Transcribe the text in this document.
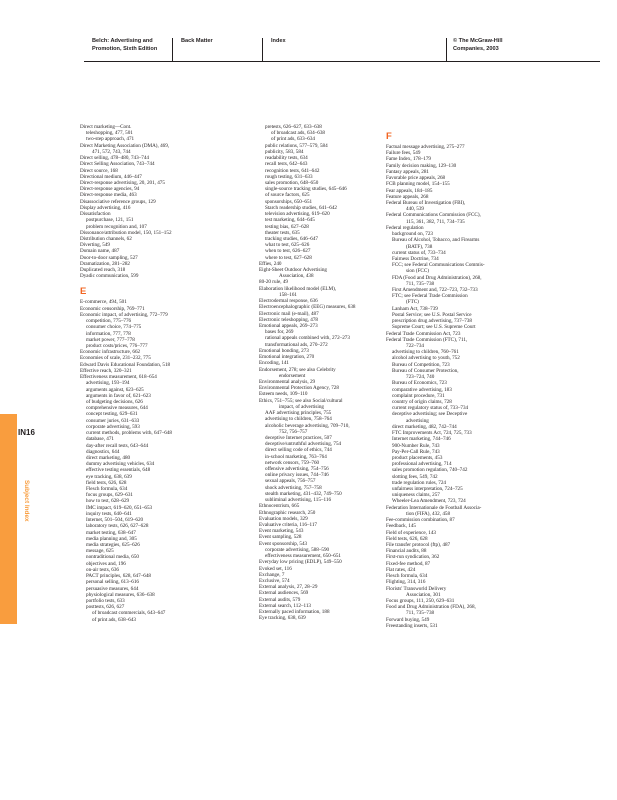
Belch: Advertising and
Promotion, Sixth Edition
Back Matter	Index	© The McGraw-Hill
Companies, 2003
IN16
Subject Index
Direct marketing—Cont.
teleshopping, 477, 501
two-step approach, 471
Direct Marketing Association (DMA), 469,
471, 572, 743, 744
Direct selling, 478–480, 743–744
Direct Selling Association, 743–744
Direct source, 168
Directional medium, 446–447
Direct-response advertising, 20, 201, 475
Direct-response agencies, 94
Direct-response media, 463
Disassociative reference groups, 129
Display advertising, 416
Dissatisfaction
postpurchase, 121, 151
problem recognition and, 107
Dissonance/attribution model, 150, 151–152
Distribution channels, 62
Diverting, 549
Domain name, 487
Door-to-door sampling, 527
Dramatization, 281–282
Duplicated reach, 318
Dyadic communication, 599
E
E-commerce, 494, 501
Economic censorship, 769–771
Economic impact, of advertising, 772–779
competition, 775–776
consumer choice, 774–775
information, 777, 778
market power, 777–778
product costs/prices, 776–777
Economic infrastructure, 662
Economies of scale, 231–232, 775
Edward Davis Educational Foundation, 518
Effective reach, 320–321
Effectiveness measurement, 618–654
advertising, 193–194
arguments against, 623–625
arguments in favor of, 621–623
of budgeting decisions, 626
comprehensive measures, 644
concept testing, 629–631
consumer juries, 631–633
corporate advertising, 593
current methods, problems with, 647–648
database, 471
day-after recall tests, 643–644
diagnostics, 644
direct marketing, 480
dummy advertising vehicles, 634
effective testing essentials, 648
eye tracking, 638, 639
field tests, 626, 628
Flesch formula, 634
focus groups, 629–631
how to test, 628–629
IMC impact, 619–620, 651–653
inquiry tests, 640–641
Internet, 501–504, 619–620
laboratory tests, 626, 627–628
market testing, 638–647
media planning and, 305
media strategies, 625–626
message, 625
nontraditional media, 650
objectives and, 196
on-air tests, 636
PACT principles, 628, 647–648
personal selling, 613–616
persuasive measures, 644
physiological measures, 636–638
portfolio tests, 633
posttests, 626, 627
of broadcast commercials, 643–647
of print ads, 638–643
pretests, 626–627, 633–638
of broadcast ads, 634–638
of print ads, 633–634
public relations, 577–579, 584
publicity, 583, 584
readability tests, 634
recall tests, 642–643
recognition tests, 641–642
rough testing, 631–633
sales promotion, 648–650
single-source tracking studies, 645–646
of source factors, 625
sponsorships, 650–651
Starch readership studies, 641–642
television advertising, 619–620
test marketing, 644–645
testing bias, 627–628
theater tests, 635
tracking studies, 646–647
what to test, 625–626
when to test, 626–627
where to test, 627–628
Effies, 240
Eight-Sheet Outdoor Advertising
Association, 438
80-20 rule, 49
Elaboration likelihood model (ELM),
158–161
Electrodermal response, 636
Electroencephalographic (EEG) measures, 638
Electronic mail (e-mail), 487
Electronic teleshopping, 478
Emotional appeals, 269–273
bases for, 269
rational appeals combined with, 272–273
transformational ads, 270–272
Emotional bonding, 273
Emotional integration, 270
Encoding, 141
Endorsement, 278; see also Celebrity
endorsement
Environmental analysis, 29
Environmental Protection Agency, 728
Esteem needs, 109–110
Ethics, 751–755; see also Social/cultural
impact, of advertising
AAF advertising principles, 755
advertising to children, 758–764
alcoholic beverage advertising, 709–710,
752, 756–757
deceptive Internet practices, 507
deceptive/untruthful advertising, 754
direct selling code of ethics, 744
in-school marketing, 763–764
network censors, 759–760
offensive advertising, 754–756
online privacy issues, 744–746
sexual appeals, 756–757
shock advertising, 757–758
stealth marketing, 431–432, 749–750
subliminal advertising, 115–116
Ethnocentrism, 665
Ethnographic research, 250
Evaluation models, 329
Evaluative criteria, 116–117
Event marketing, 543
Event sampling, 528
Event sponsorship, 543
corporate advertising, 588–590
effectiveness measurement, 650–651
Everyday low pricing (EDLP), 549–550
Evoked set, 116
Exchange, 7
Exclusive, 574
External analysis, 27, 28–29
External audiences, 569
External audits, 579
External search, 112–113
Externally paced information, 188
Eye tracking, 638, 639
F
Factual message advertising, 275–277
Failure fees, 549
Fame Index, 178–179
Family decision making, 129–130
Fantasy appeals, 281
Favorable price appeals, 268
FCB planning model, 154–155
Fear appeals, 184–185
Feature appeals, 268
Federal Bureau of Investigation (FBI),
440, 539
Federal Communications Commission (FCC),
115, 361, 382, 711, 734–735
Federal regulation
background on, 723
Bureau of Alcohol, Tobacco, and Firearms
(BATF), 738
current status of, 733–734
Fairness Doctrine, 734
FCC; see Federal Communications Commis-
sion (FCC)
FDA (Food and Drug Administration), 268,
711, 735–738
First Amendment and, 722–723, 732–733
FTC; see Federal Trade Commission
(FTC)
Lanham Act, 738–739
Postal Service; see U.S. Postal Service
prescription drug advertising, 737–738
Supreme Court; see U.S. Supreme Court
Federal Trade Commission Act, 723
Federal Trade Commission (FTC), 711,
722–734
advertising to children, 760–761
alcohol advertising to youth, 752
Bureau of Competition, 723
Bureau of Consumer Protection,
723–724, 740
Bureau of Economics, 723
comparative advertising, 183
complaint procedure, 731
country of origin claims, 728
current regulatory status of, 733–734
deceptive advertising; see Deceptive
advertising
direct marketing, 482, 742–744
FTC Improvements Act, 724, 725, 733
Internet marketing, 744–746
900-Number Rule, 743
Pay-Per-Call Rule, 743
product placements, 453
professional advertising, 714
sales promotion regulation, 740–742
slotting fees, 549, 742
trade regulation rules, 724
unfairness interpretation, 724–725
uniqueness claims, 257
Wheeler-Lea Amendment, 723, 724
Federation Internationale de Football Associa-
tion (FIFA), 432, 458
Fee-commission combination, 87
Feedback, 145
Field of experience, 143
Field tests, 626, 628
File transfer protocol (ftp), 487
Financial audits, 88
First-run syndication, 362
Fixed-fee method, 87
Flat rates, 424
Flesch formula, 634
Flighting, 314, 316
Florists' Transworld Delivery
Association, 301
Focus groups, 111, 250, 629–631
Food and Drug Administration (FDA), 268,
711, 735–738
Forward buying, 549
Freestanding inserts, 531
